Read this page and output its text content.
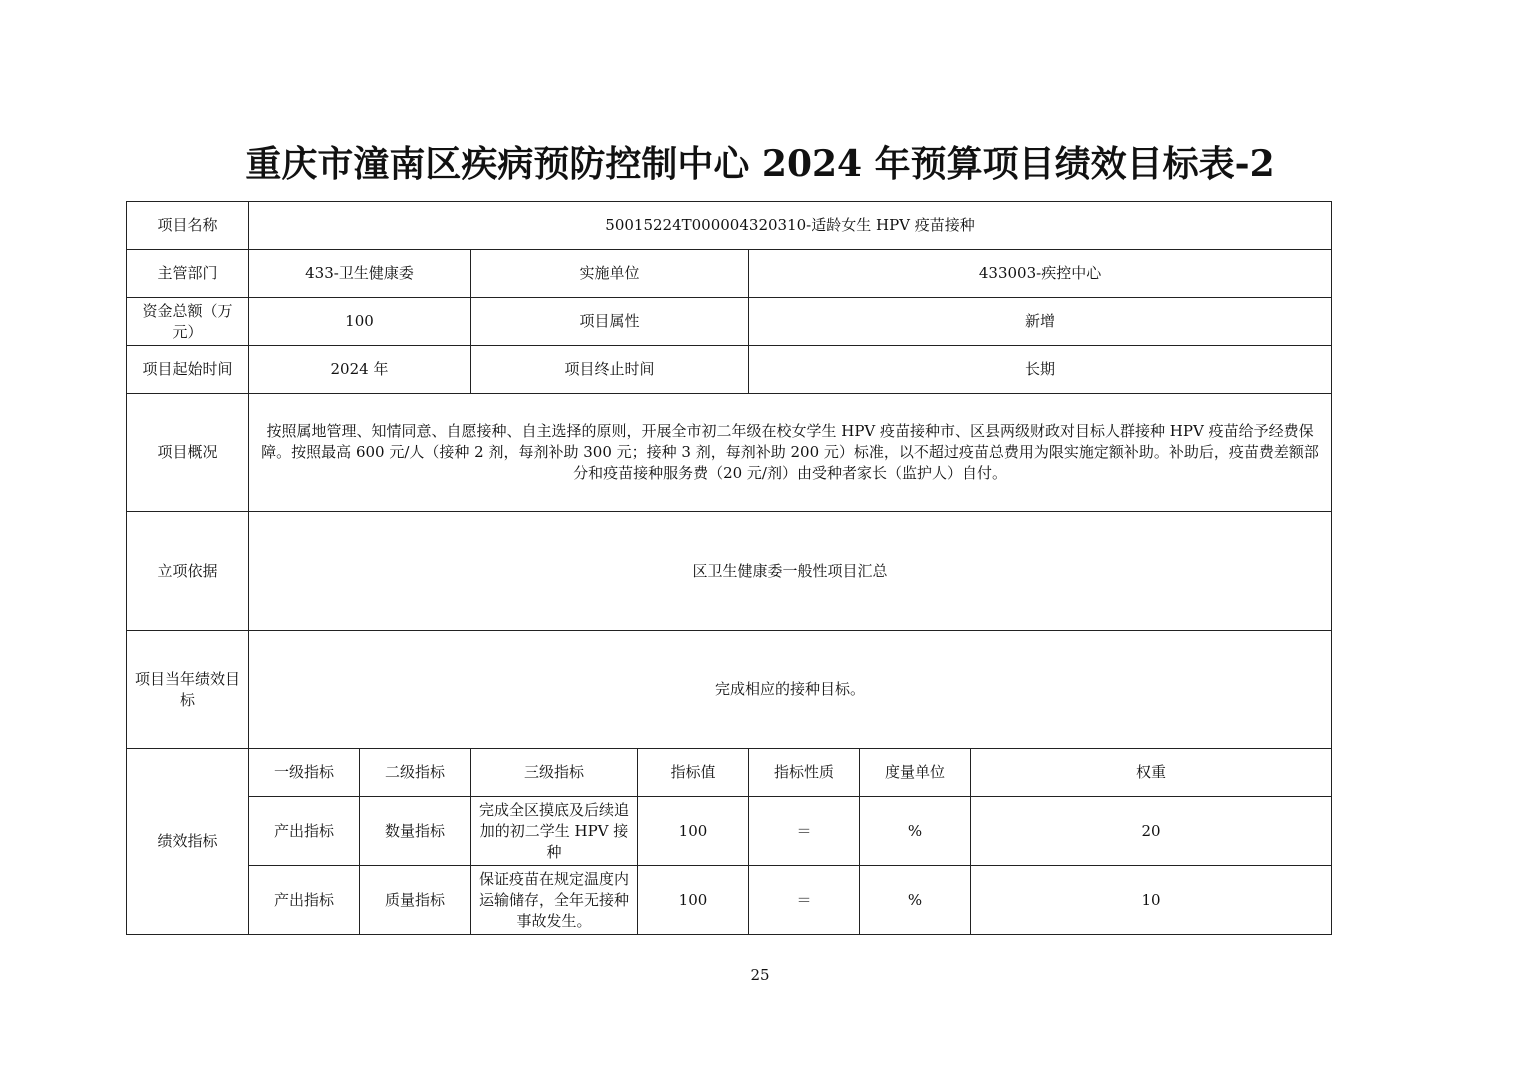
重庆市潼南区疾病预防控制中心 2024 年预算项目绩效目标表-2
项目名称	50015224T000004320310-适龄女生 HPV 疫苗接种						
主管部门	433-卫生健康委		实施单位		433003-疾控中心		
资金总额（万元）	100		项目属性		新增		
项目起始时间	2024 年		项目终止时间		长期		
项目概况	按照属地管理、知情同意、自愿接种、自主选择的原则，开展全市初二年级在校女学生 HPV 疫苗接种市、区县两级财政对目标人群接种 HPV 疫苗给予经费保障。按照最高 600 元/人（接种 2 剂，每剂补助 300 元；接种 3 剂，每剂补助 200 元）标准，以不超过疫苗总费用为限实施定额补助。补助后，疫苗费差额部分和疫苗接种服务费（20 元/剂）由受种者家长（监护人）自付。						
立项依据	区卫生健康委一般性项目汇总						
项目当年绩效目标	完成相应的接种目标。						
绩效指标	一级指标	二级指标	三级指标	指标值	指标性质	度量单位	权重
	产出指标	数量指标	完成全区摸底及后续追加的初二学生 HPV 接种	100	＝	%	20
	产出指标	质量指标	保证疫苗在规定温度内运输储存，全年无接种事故发生。	100	＝	%	10
25
